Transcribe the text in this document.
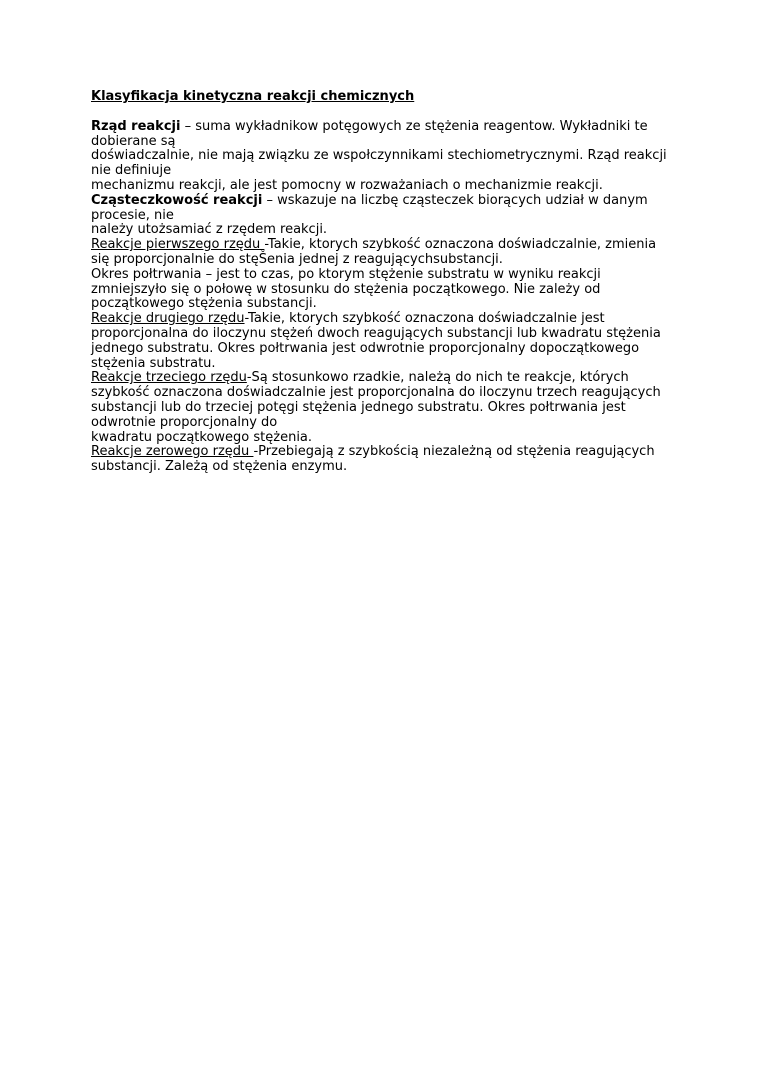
Klasyfikacja kinetyczna reakcji chemicznych
Rząd reakcji – suma wykładnikow potęgowych ze stężenia reagentow. Wykładniki te
dobierane są
doświadczalnie, nie mają związku ze wspołczynnikami stechiometrycznymi. Rząd reakcji
nie definiuje
mechanizmu reakcji, ale jest pomocny w rozważaniach o mechanizmie reakcji.
Cząsteczkowość reakcji – wskazuje na liczbę cząsteczek biorących udział w danym
procesie, nie
należy utożsamiać z rzędem reakcji.
Reakcje pierwszego rzędu -Takie, ktorych szybkość oznaczona doświadczalnie, zmienia
się proporcjonalnie do stęŠenia jednej z reagującychsubstancji.
Okres połtrwania – jest to czas, po ktorym stężenie substratu w wyniku reakcji
zmniejszyło się o połowę w stosunku do stężenia początkowego. Nie zależy od
początkowego stężenia substancji.
Reakcje drugiego rzędu-Takie, ktorych szybkość oznaczona doświadczalnie jest
proporcjonalna do iloczynu stężeń dwoch reagujących substancji lub kwadratu stężenia
jednego substratu. Okres połtrwania jest odwrotnie proporcjonalny dopoczątkowego
stężenia substratu.
Reakcje trzeciego rzędu-Są stosunkowo rzadkie, należą do nich te reakcje, których
szybkość oznaczona doświadczalnie jest proporcjonalna do iloczynu trzech reagujących
substancji lub do trzeciej potęgi stężenia jednego substratu. Okres połtrwania jest
odwrotnie proporcjonalny do
kwadratu początkowego stężenia.
Reakcje zerowego rzędu -Przebiegają z szybkością niezależną od stężenia reagujących
substancji. Zależą od stężenia enzymu.
